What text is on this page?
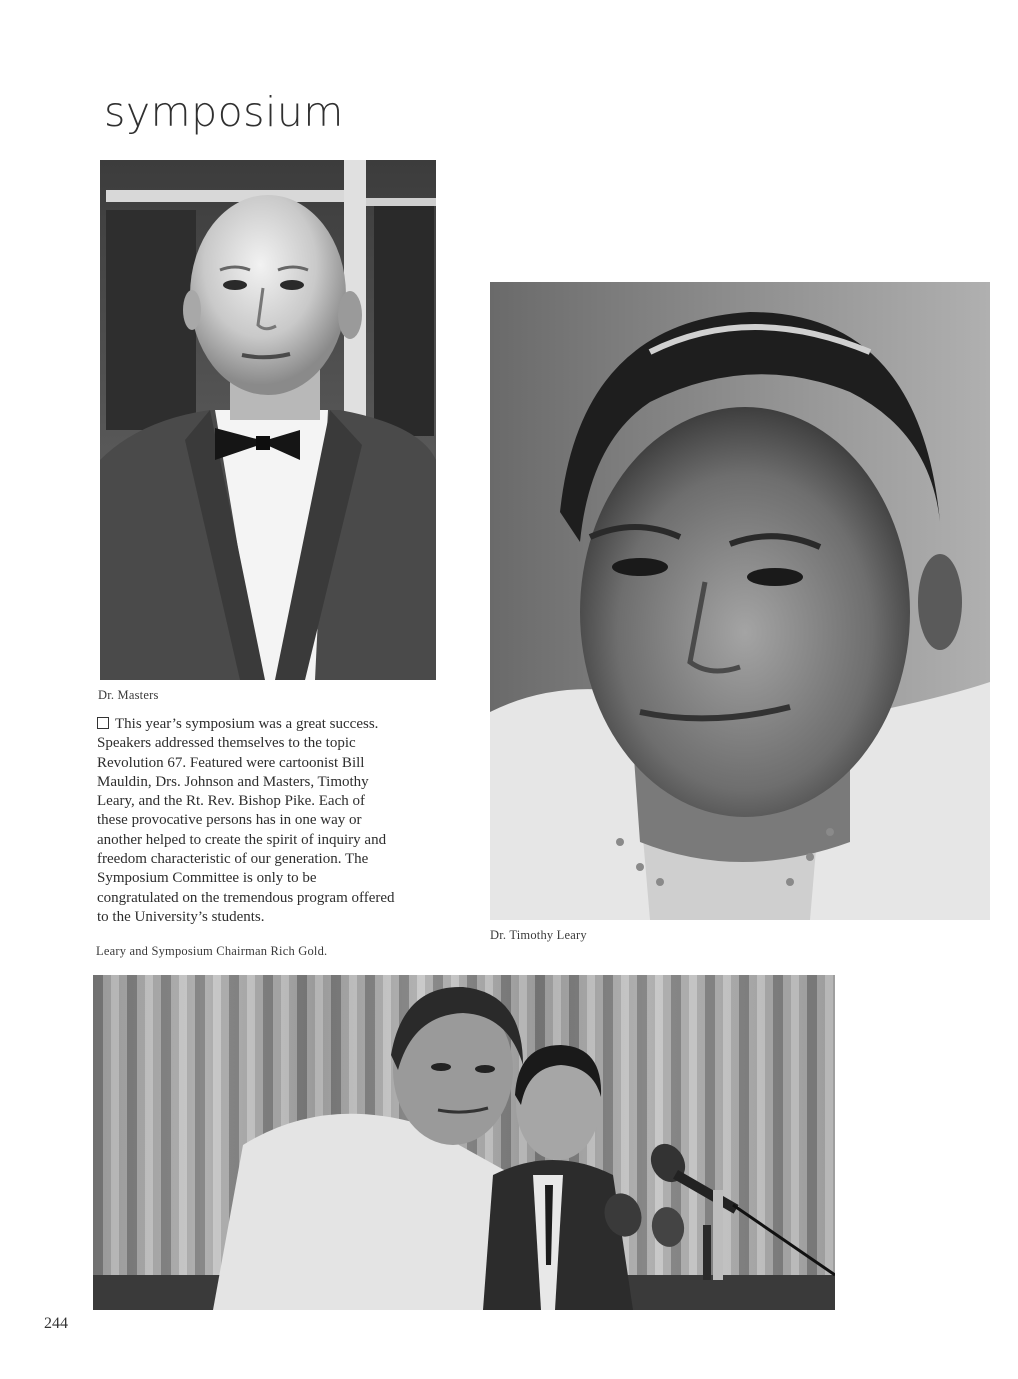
symposium
Dr. Masters
Dr. Timothy Leary
This year’s symposium was a great success.
Speakers addressed themselves to the topic
Revolution 67. Featured were cartoonist Bill
Mauldin, Drs. Johnson and Masters, Timothy
Leary, and the Rt. Rev. Bishop Pike. Each of
these provocative persons has in one way or
another helped to create the spirit of inquiry and
freedom characteristic of our generation. The
Symposium Committee is only to be
congratulated on the tremendous program offered
to the University’s students.
Leary and Symposium Chairman Rich Gold.
244
